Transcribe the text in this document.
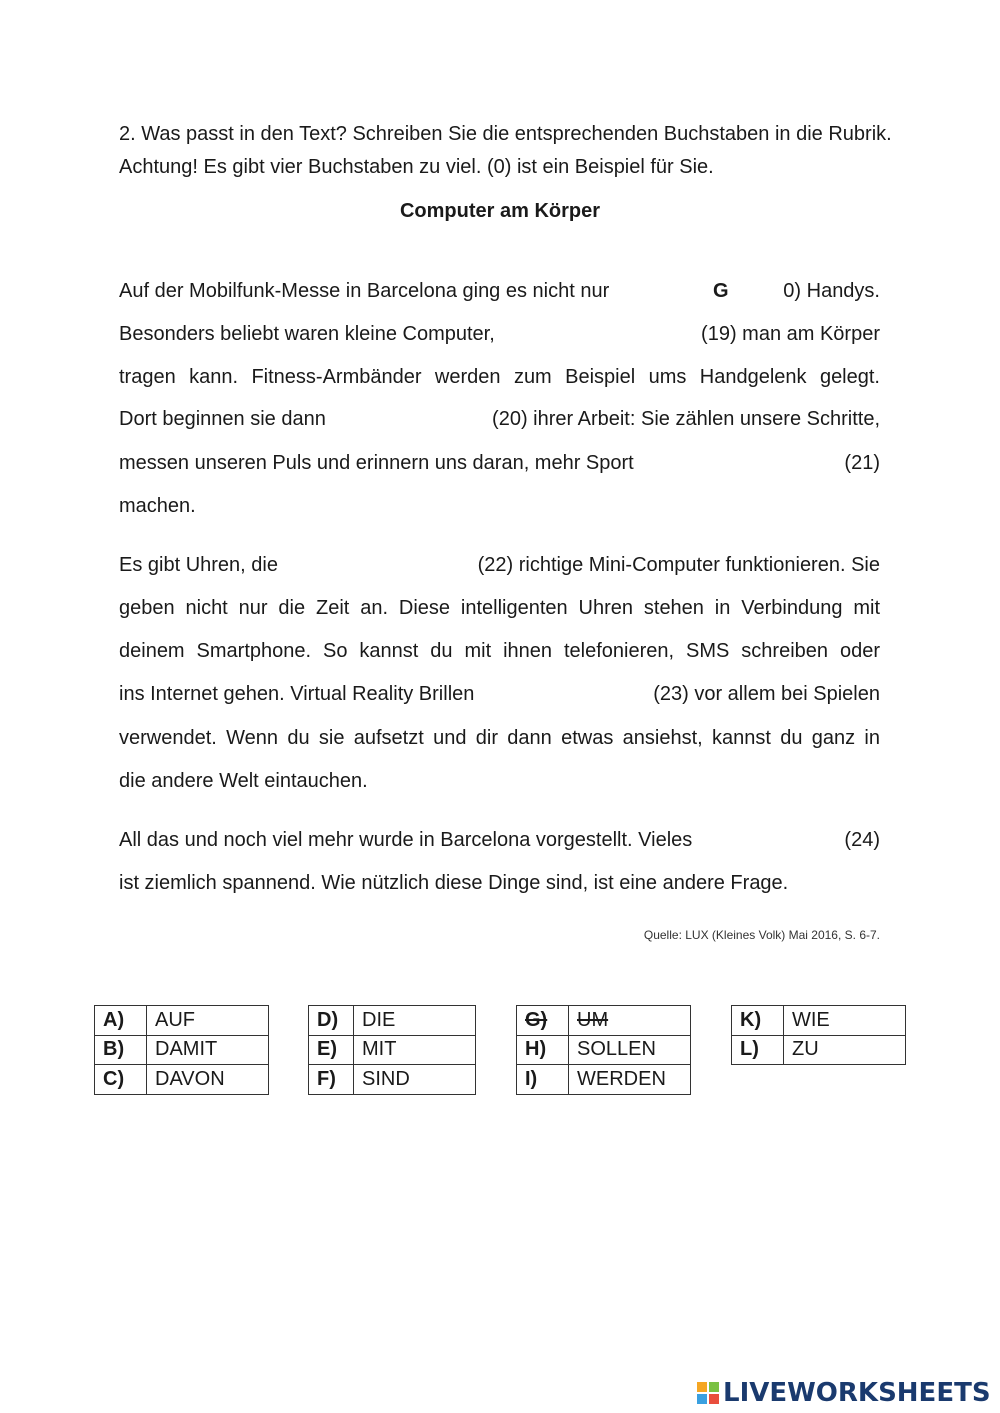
2. Was passt in den Text? Schreiben Sie die entsprechenden Buchstaben in die Rubrik. Achtung! Es gibt vier Buchstaben zu viel. (0) ist ein Beispiel für Sie.
Computer am Körper
Auf der Mobilfunk-Messe in Barcelona ging es nicht nur	G	0) Handys.
Besonders beliebt waren kleine Computer,	(19) man am Körper
tragen kann. Fitness-Armbänder werden zum Beispiel ums Handgelenk gelegt.
Dort beginnen sie dann	(20) ihrer Arbeit: Sie zählen unsere Schritte,
messen unseren Puls und erinnern uns daran, mehr Sport	(21)
machen.
Es gibt Uhren, die	(22) richtige Mini-Computer funktionieren. Sie
geben nicht nur die Zeit an. Diese intelligenten Uhren stehen in Verbindung mit
deinem Smartphone. So kannst du mit ihnen telefonieren, SMS schreiben oder
ins Internet gehen. Virtual Reality Brillen	(23) vor allem bei Spielen
verwendet. Wenn du sie aufsetzt und dir dann etwas ansiehst, kannst du ganz in
die andere Welt eintauchen.
All das und noch viel mehr wurde in Barcelona vorgestellt. Vieles	(24)
ist ziemlich spannend. Wie nützlich diese Dinge sind, ist eine andere Frage.
Quelle: LUX (Kleines Volk) Mai 2016, S. 6-7.
A)	AUF
B)	DAMIT
C)	DAVON
D)	DIE
E)	MIT
F)	SIND
G)	UM
H)	SOLLEN
I)	WERDEN
K)	WIE
L)	ZU
LIVEWORKSHEETS
